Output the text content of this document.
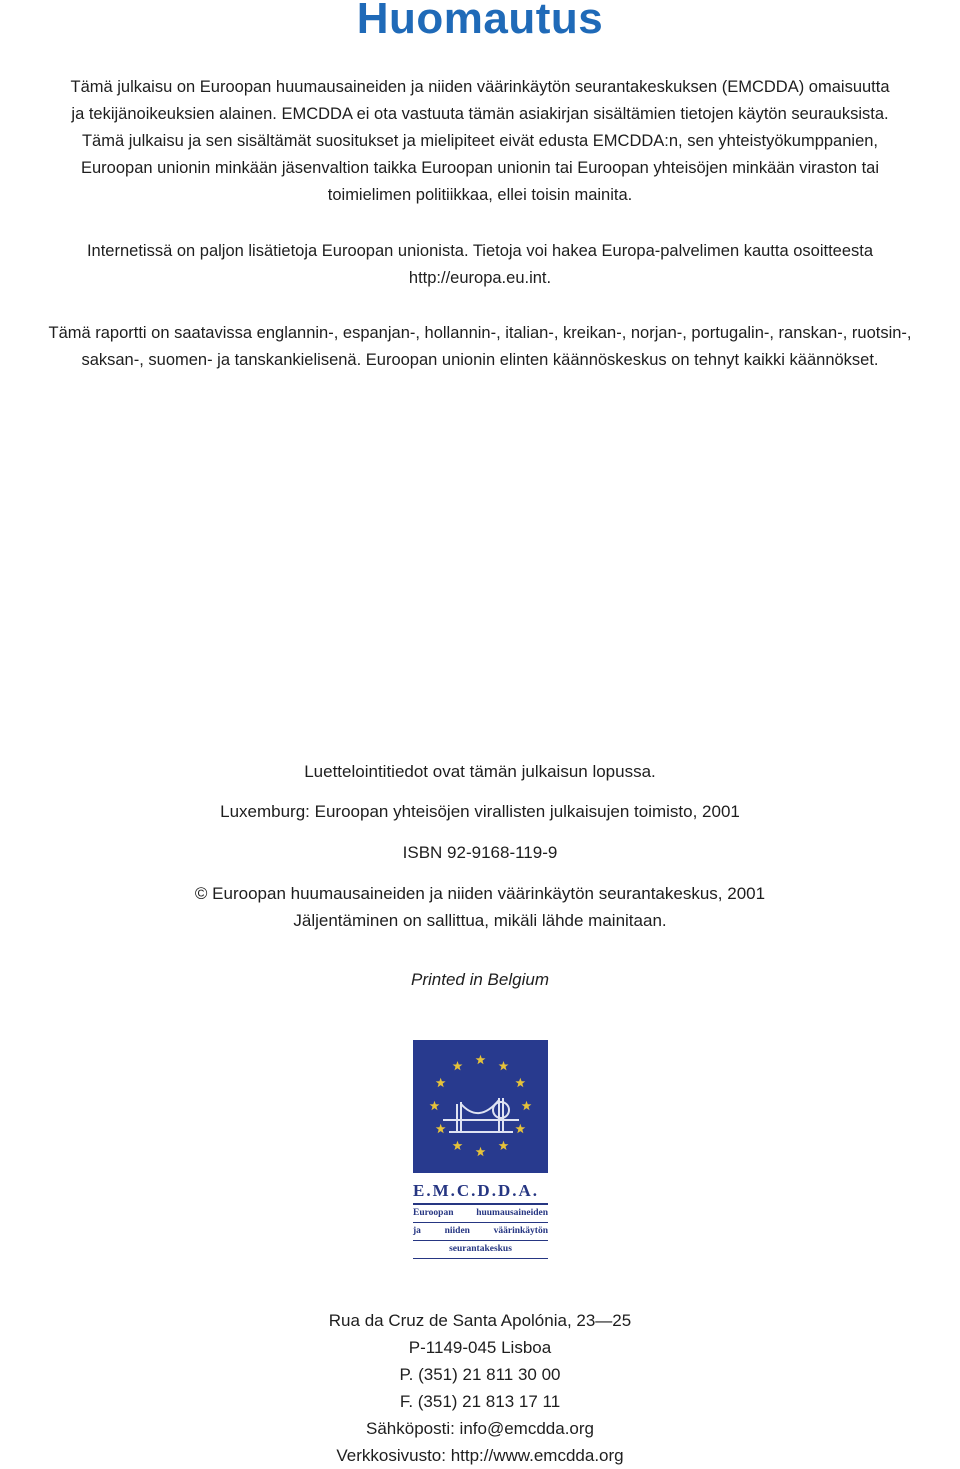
Huomautus
Tämä julkaisu on Euroopan huumausaineiden ja niiden väärinkäytön seurantakeskuksen (EMCDDA) omaisuutta
ja tekijänoikeuksien alainen. EMCDDA ei ota vastuuta tämän asiakirjan sisältämien tietojen käytön seurauksista.
Tämä julkaisu ja sen sisältämät suositukset ja mielipiteet eivät edusta EMCDDA:n, sen yhteistyökumppanien,
Euroopan unionin minkään jäsenvaltion taikka Euroopan unionin tai Euroopan yhteisöjen minkään viraston tai
toimielimen politiikkaa, ellei toisin mainita.
Internetissä on paljon lisätietoja Euroopan unionista. Tietoja voi hakea Europa-palvelimen kautta osoitteesta
http://europa.eu.int.
Tämä raportti on saatavissa englannin-, espanjan-, hollannin-, italian-, kreikan-, norjan-, portugalin-, ranskan-, ruotsin-,
saksan-, suomen- ja tanskankielisenä. Euroopan unionin elinten käännöskeskus on tehnyt kaikki käännökset.
Luettelointitiedot ovat tämän julkaisun lopussa.
Luxemburg: Euroopan yhteisöjen virallisten julkaisujen toimisto, 2001
ISBN 92-9168-119-9
© Euroopan huumausaineiden ja niiden väärinkäytön seurantakeskus, 2001
Jäljentäminen on sallittua, mikäli lähde mainitaan.
Printed in Belgium
E.M.C.D.D.A.
Euroopan huumausaineiden
ja niiden väärinkäytön
seurantakeskus
Rua da Cruz de Santa Apolónia, 23—25
P-1149-045 Lisboa
P. (351) 21 811 30 00
F. (351) 21 813 17 11
Sähköposti: info@emcdda.org
Verkkosivusto: http://www.emcdda.org
